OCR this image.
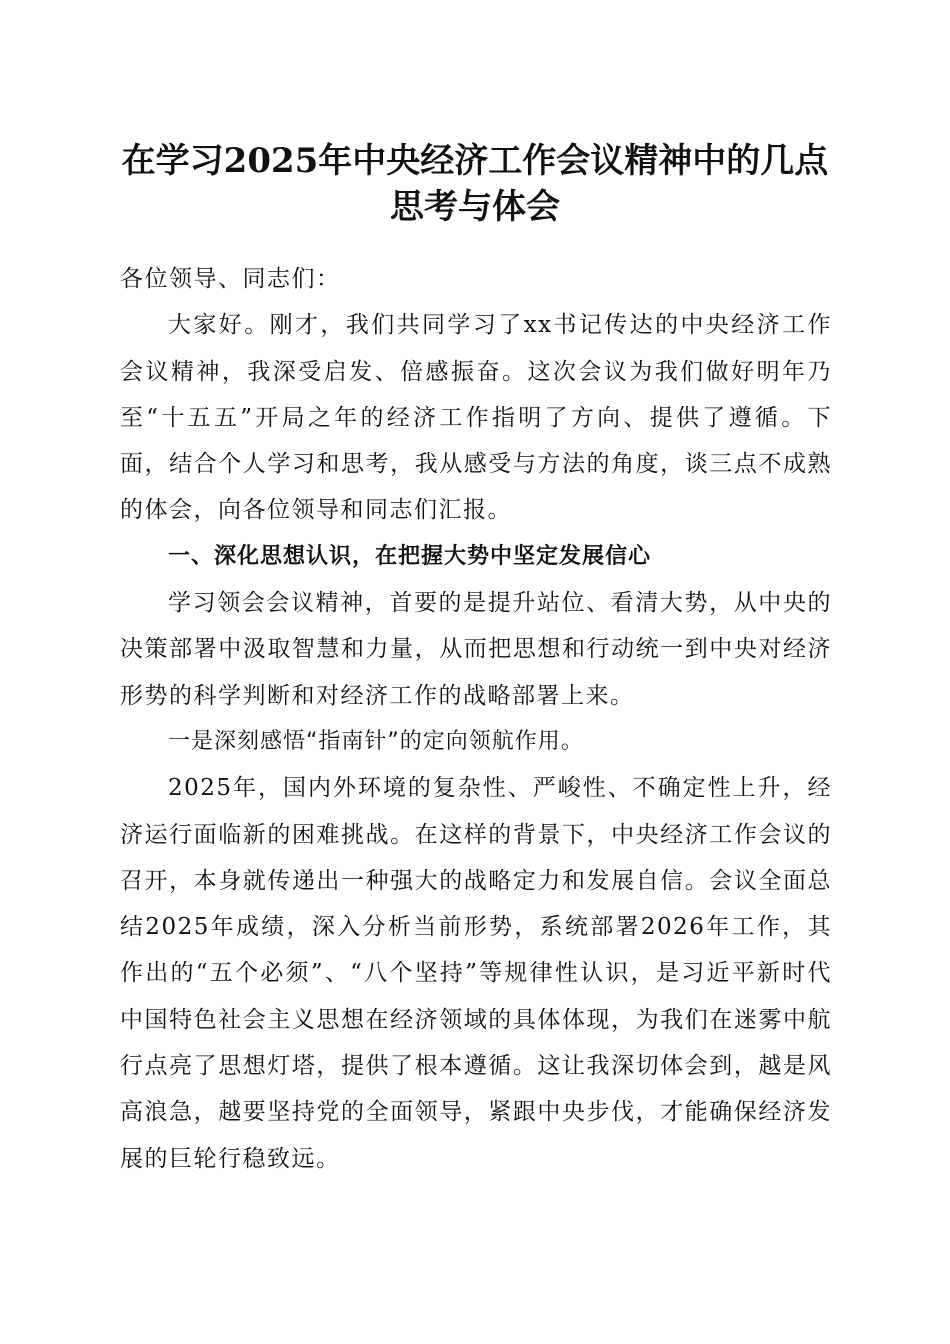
在学习2025年中央经济工作会议精神中的几点思考与体会

各位领导、同志们：

大家好。刚才，我们共同学习了xx书记传达的中央经济工作会议精神，我深受启发、倍感振奋。这次会议为我们做好明年乃至“十五五”开局之年的经济工作指明了方向、提供了遵循。下面，结合个人学习和思考，我从感受与方法的角度，谈三点不成熟的体会，向各位领导和同志们汇报。

一、深化思想认识，在把握大势中坚定发展信心

学习领会会议精神，首要的是提升站位、看清大势，从中央的决策部署中汲取智慧和力量，从而把思想和行动统一到中央对经济形势的科学判断和对经济工作的战略部署上来。

一是深刻感悟“指南针”的定向领航作用。

2025年，国内外环境的复杂性、严峻性、不确定性上升，经济运行面临新的困难挑战。在这样的背景下，中央经济工作会议的召开，本身就传递出一种强大的战略定力和发展自信。会议全面总结2025年成绩，深入分析当前形势，系统部署2026年工作，其作出的“五个必须”、“八个坚持”等规律性认识，是习近平新时代中国特色社会主义思想在经济领域的具体体现，为我们在迷雾中航行点亮了思想灯塔，提供了根本遵循。这让我深切体会到，越是风高浪急，越要坚持党的全面领导，紧跟中央步伐，才能确保经济发展的巨轮行稳致远。
